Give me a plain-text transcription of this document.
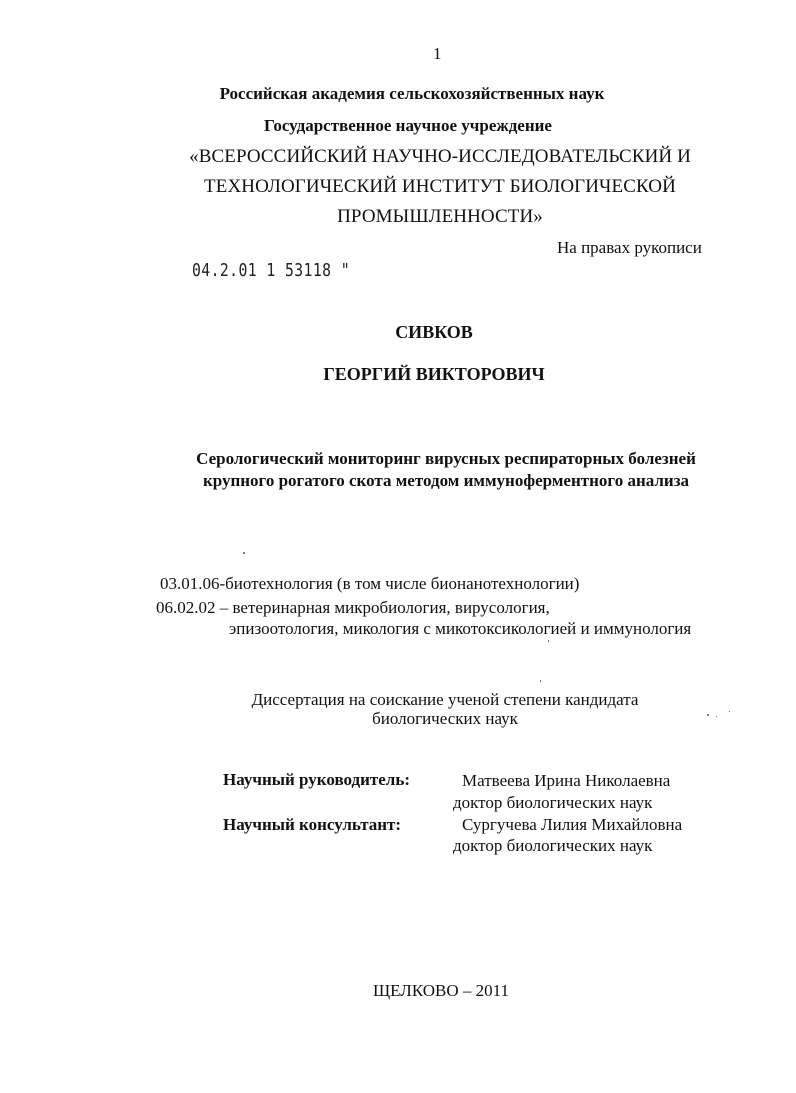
1
Российская академия сельскохозяйственных наук
Государственное научное учреждение
«ВСЕРОССИЙСКИЙ НАУЧНО-ИССЛЕДОВАТЕЛЬСКИЙ И
ТЕХНОЛОГИЧЕСКИЙ ИНСТИТУТ БИОЛОГИЧЕСКОЙ
ПРОМЫШЛЕННОСТИ»
На правах рукописи
04.2.01 1 53118 "
СИВКОВ
ГЕОРГИЙ ВИКТОРОВИЧ
Серологический мониторинг вирусных респираторных болезней
крупного рогатого скота методом иммуноферментного анализа
03.01.06-биотехнология (в том числе бионанотехнологии)
06.02.02 – ветеринарная микробиология, вирусология,
эпизоотология, микология с микотоксикологией и иммунология
Диссертация на соискание ученой степени кандидата
биологических наук
Научный руководитель:	Матвеева Ирина Николаевна
доктор биологических наук
Научный консультант:	Сургучева Лилия Михайловна
доктор биологических наук
ЩЕЛКОВО – 2011
